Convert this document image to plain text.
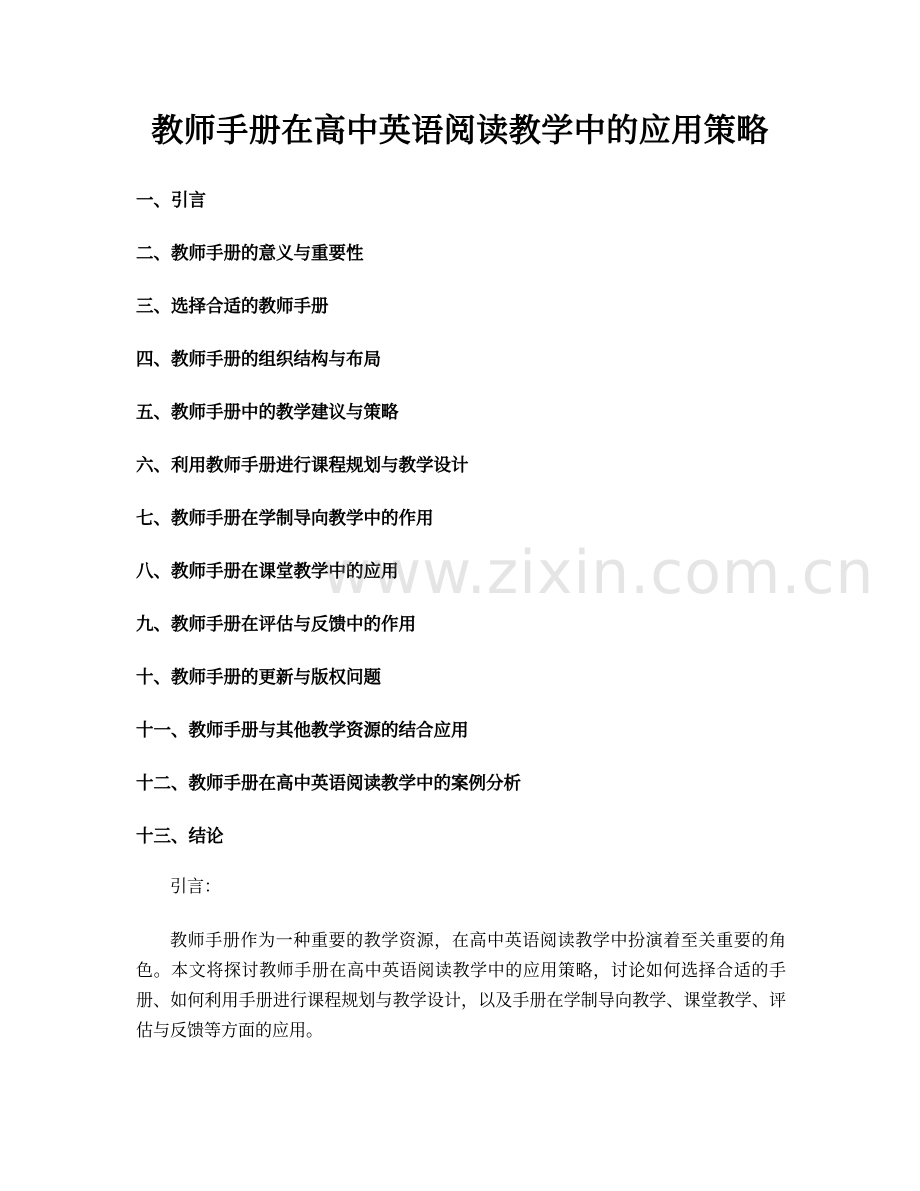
教师手册在高中英语阅读教学中的应用策略
一、引言
二、教师手册的意义与重要性
三、选择合适的教师手册
四、教师手册的组织结构与布局
五、教师手册中的教学建议与策略
六、利用教师手册进行课程规划与教学设计
七、教师手册在学制导向教学中的作用
八、教师手册在课堂教学中的应用
九、教师手册在评估与反馈中的作用
十、教师手册的更新与版权问题
十一、教师手册与其他教学资源的结合应用
十二、教师手册在高中英语阅读教学中的案例分析
十三、结论
引言：
教师手册作为一种重要的教学资源，在高中英语阅读教学中扮演着至关重要的角色。本文将探讨教师手册在高中英语阅读教学中的应用策略，讨论如何选择合适的手册、如何利用手册进行课程规划与教学设计，以及手册在学制导向教学、课堂教学、评估与反馈等方面的应用。
www.zixin.com.cn
